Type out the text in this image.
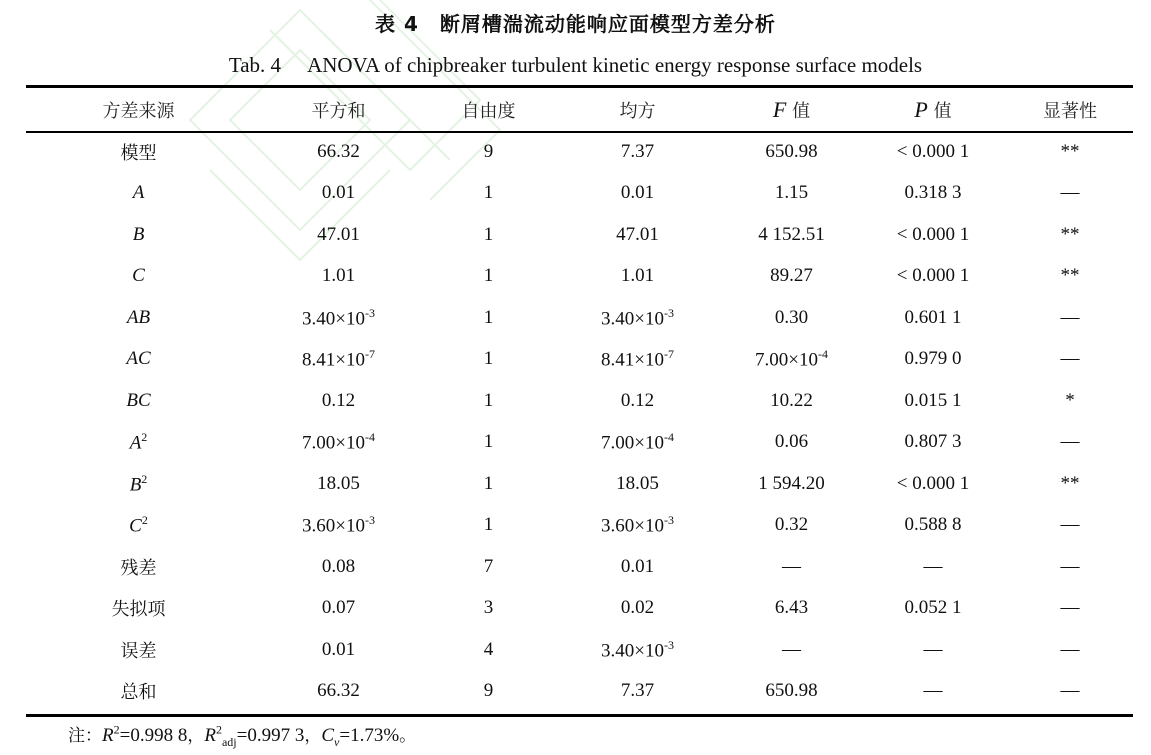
表 4　断屑槽湍流动能响应面模型方差分析
Tab. 4 ANOVA of chipbreaker turbulent kinetic energy response surface models
方差来源	平方和	自由度	均方	F 值	P 值	显著性
模型	66.32	9	7.37	650.98	< 0.000 1	**
A	0.01	1	0.01	1.15	0.318 3	—
B	47.01	1	47.01	4 152.51	< 0.000 1	**
C	1.01	1	1.01	89.27	< 0.000 1	**
AB	$3.40\times 10^{-3}$	1	$3.40\times 10^{-3}$	0.30	0.601 1	—
AC	$8.41\times 10^{-7}$	1	$8.41\times 10^{-7}$	$7.00\times 10^{-4}$	0.979 0	—
BC	0.12	1	0.12	10.22	0.015 1	*
$A^2$	$7.00\times 10^{-4}$	1	$7.00\times 10^{-4}$	0.06	0.807 3	—
$B^2$	18.05	1	18.05	1 594.20	< 0.000 1	**
$C^2$	$3.60\times 10^{-3}$	1	$3.60\times 10^{-3}$	0.32	0.588 8	—
残差	0.08	7	0.01	—	—	—
失拟项	0.07	3	0.02	6.43	0.052 1	—
误差	0.01	4	$3.40\times 10^{-3}$	—	—	—
总和	66.32	9	7.37	650.98	—	—
注：$R^2=0.998$ 8，$R^2_{adj}=0.997$ 3，$C_v=1.73\%$。
